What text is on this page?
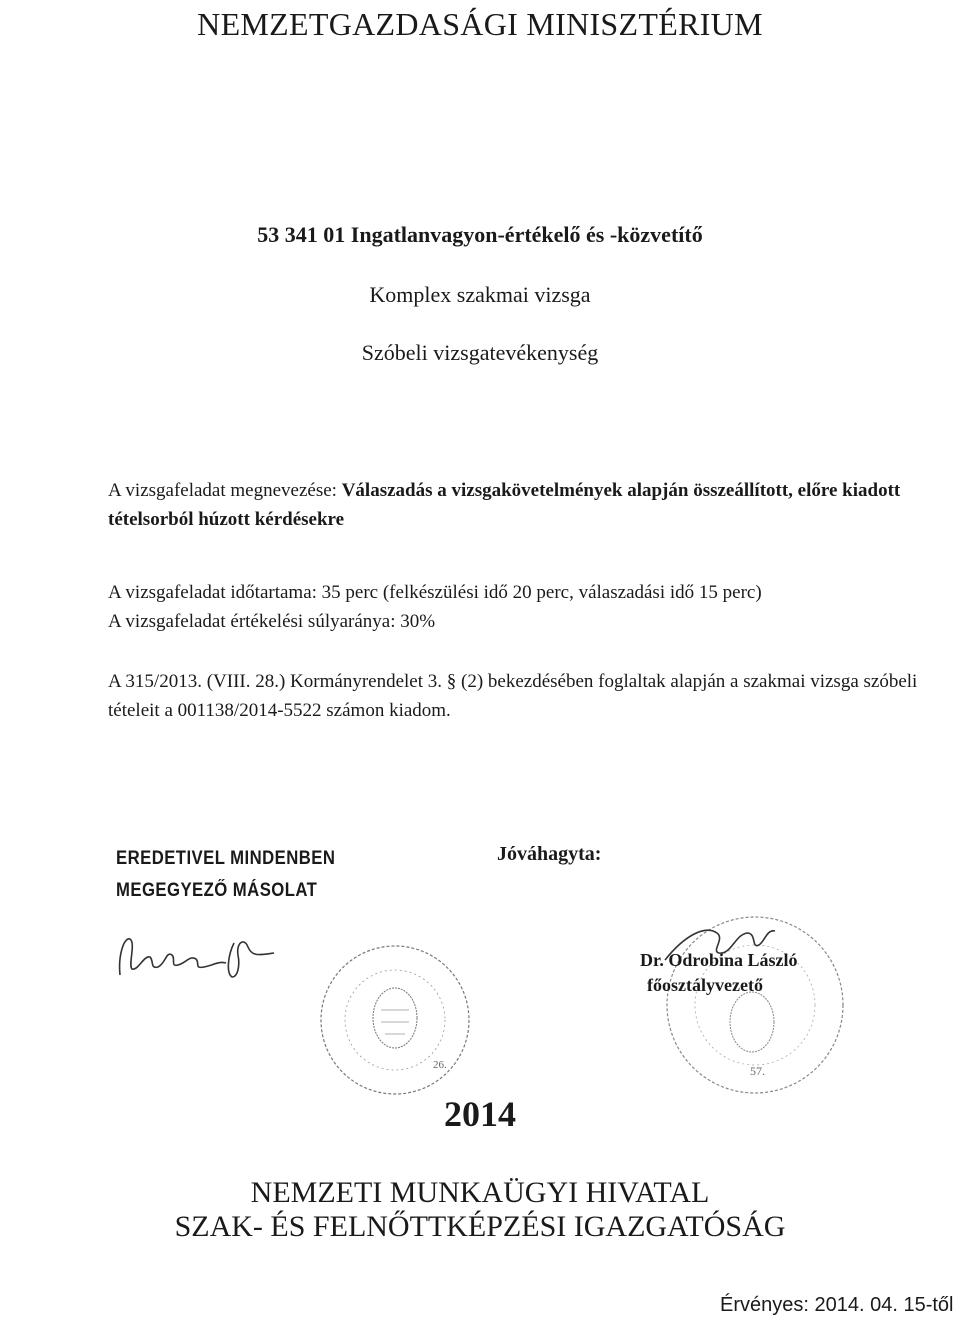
NEMZETGAZDASÁGI MINISZTÉRIUM
53 341 01 Ingatlanvagyon-értékelő és -közvetítő
Komplex szakmai vizsga
Szóbeli vizsgatevékenység
A vizsgafeladat megnevezése: Válaszadás a vizsgakövetelmények alapján összeállított, előre kiadott tételsorból húzott kérdésekre
A vizsgafeladat időtartama: 35 perc (felkészülési idő 20 perc, válaszadási idő 15 perc)
A vizsgafeladat értékelési súlyaránya: 30%
A 315/2013. (VIII. 28.) Kormányrendelet 3. § (2) bekezdésében foglaltak alapján a szakmai vizsga szóbeli tételeit a 001138/2014-5522 számon kiadom.
EREDETIVEL MINDENBEN
MEGEGYEZŐ MÁSOLAT
26.
Jóváhagyta:
57.
Dr. Odrobina László
főosztályvezető
2014
NEMZETI MUNKAÜGYI HIVATAL
SZAK- ÉS FELNŐTTKÉPZÉSI IGAZGATÓSÁG
Érvényes: 2014. 04. 15-től
